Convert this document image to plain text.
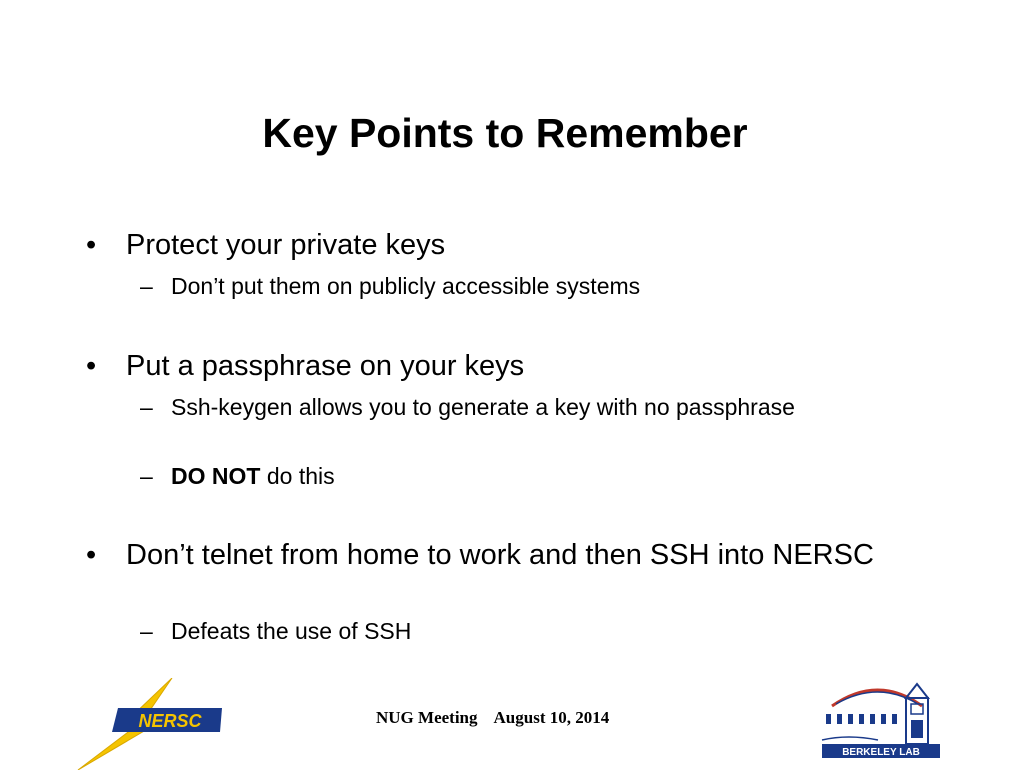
Key Points to Remember
• Protect your private keys
– Don’t put them on publicly accessible systems
• Put a passphrase on your keys
– Ssh-keygen allows you to generate a key with no passphrase
– DO NOT do this
• Don’t telnet from home to work and then SSH into NERSC
– Defeats the use of SSH
NUG Meeting August 10, 2014
NERSC
BERKELEY LAB
